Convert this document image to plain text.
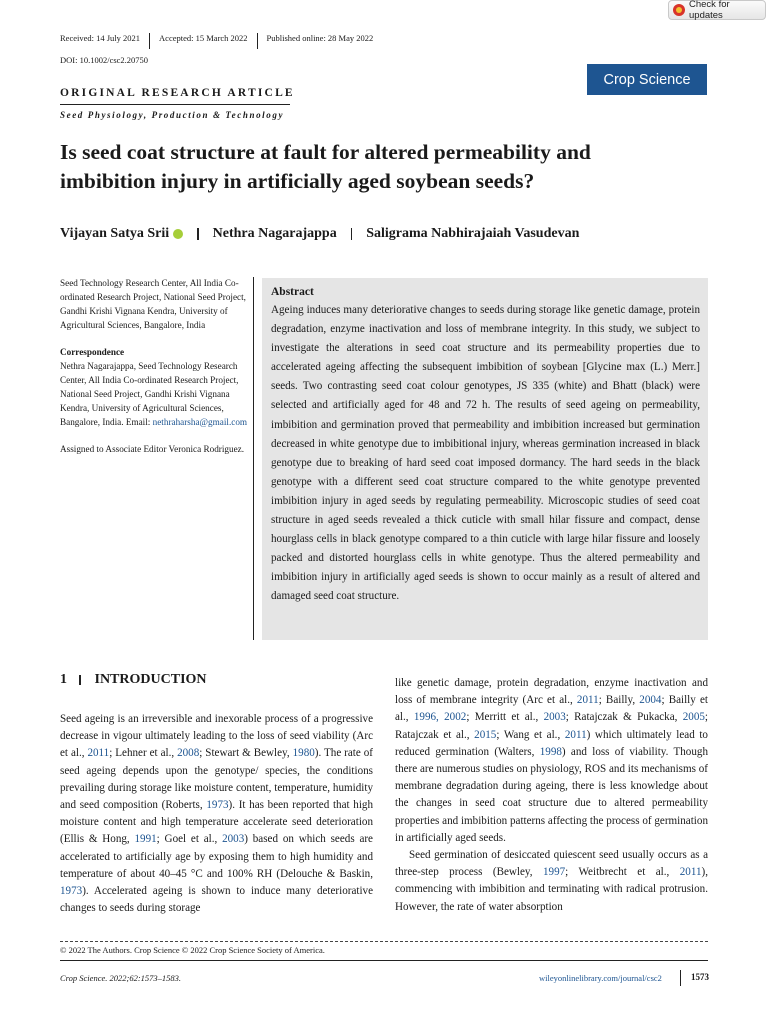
Check for updates
Received: 14 July 2021 Accepted: 15 March 2022 Published online: 28 May 2022
DOI: 10.1002/csc2.20750
Crop Science
ORIGINAL RESEARCH ARTICLE
Seed Physiology, Production & Technology
Is seed coat structure at fault for altered permeability and
imbibition injury in artificially aged soybean seeds?
Vijayan Satya Srii	Nethra Nagarajappa Saligrama Nabhirajaiah Vasudevan

Seed Technology Research Center, All India Co-ordinated Research Project, National Seed Project, Gandhi Krishi Vignana Kendra, University of Agricultural Sciences, Bangalore, India

Correspondence

Nethra Nagarajappa, Seed Technology Research Center, All India Co-ordinated Research Project, National Seed Project, Gandhi Krishi Vignana Kendra, University of Agricultural Sciences, Bangalore, India. Email: nethraharsha@gmail.com

Assigned to Associate Editor Veronica Rodriguez.

Abstract

Ageing induces many deteriorative changes to seeds during storage like genetic damage, protein degradation, enzyme inactivation and loss of membrane integrity. In this study, we subject to investigate the alterations in seed coat structure and its permeability properties due to accelerated ageing affecting the subsequent imbibition of soybean [Glycine max (L.) Merr.] seeds. Two contrasting seed coat colour genotypes, JS 335 (white) and Bhatt (black) were selected and artificially aged for 48 and 72 h. The results of seed ageing on permeability, imbibition and germination proved that permeability and imbibition increased but germination decreased in white genotype due to imbibitional injury, whereas germination increased in black genotype due to breaking of hard seed coat imposed dormancy. The hard seeds in the black genotype with a different seed coat structure compared to the white genotype prevented imbibition injury in aged seeds by regulating permeability. Microscopic studies of seed coat structure in aged seeds revealed a thick cuticle with small hilar fissure and compact, dense hourglass cells in black genotype compared to a thin cuticle with large hilar fissure and loosely packed and distorted hourglass cells in white genotype. Thus the altered permeability and imbibition injury in artificially aged seeds is shown to occur mainly as a result of altered and damaged seed coat structure.

1 INTRODUCTION

Seed ageing is an irreversible and inexorable process of a progressive decrease in vigour ultimately leading to the loss of seed viability (Arc et al., 2011; Lehner et al., 2008; Stewart & Bewley, 1980). The rate of seed ageing depends upon the genotype/ species, the conditions prevailing during storage like moisture content, temperature, humidity and seed composition (Roberts, 1973). It has been reported that high moisture content and high temperature accelerate seed deterioration (Ellis & Hong, 1991; Goel et al., 2003) based on which seeds are accelerated to artificially age by exposing them to high humidity and temperature of about 40–45 °C and 100% RH (Delouche & Baskin, 1973). Accelerated ageing is shown to induce many deteriorative changes to seeds during storage

like genetic damage, protein degradation, enzyme inactivation and loss of membrane integrity (Arc et al., 2011; Bailly, 2004; Bailly et al., 1996, 2002; Merritt et al., 2003; Ratajczak & Pukacka, 2005; Ratajczak et al., 2015; Wang et al., 2011) which ultimately lead to reduced germination (Walters, 1998) and loss of viability. Though there are numerous studies on physiology, ROS and its mechanisms of membrane degradation during ageing, there is less knowledge about the changes in seed coat structure due to altered permeability properties and imbibition patterns affecting the process of germination in artificially aged seeds.

Seed germination of desiccated quiescent seed usually occurs as a three-step process (Bewley, 1997; Weitbrecht et al., 2011), commencing with imbibition and terminating with radical protrusion. However, the rate of water absorption

© 2022 The Authors. Crop Science © 2022 Crop Science Society of America.
Crop Science. 2022;62:1573–1583.	wileyonlinelibrary.com/journal/csc2	1573
